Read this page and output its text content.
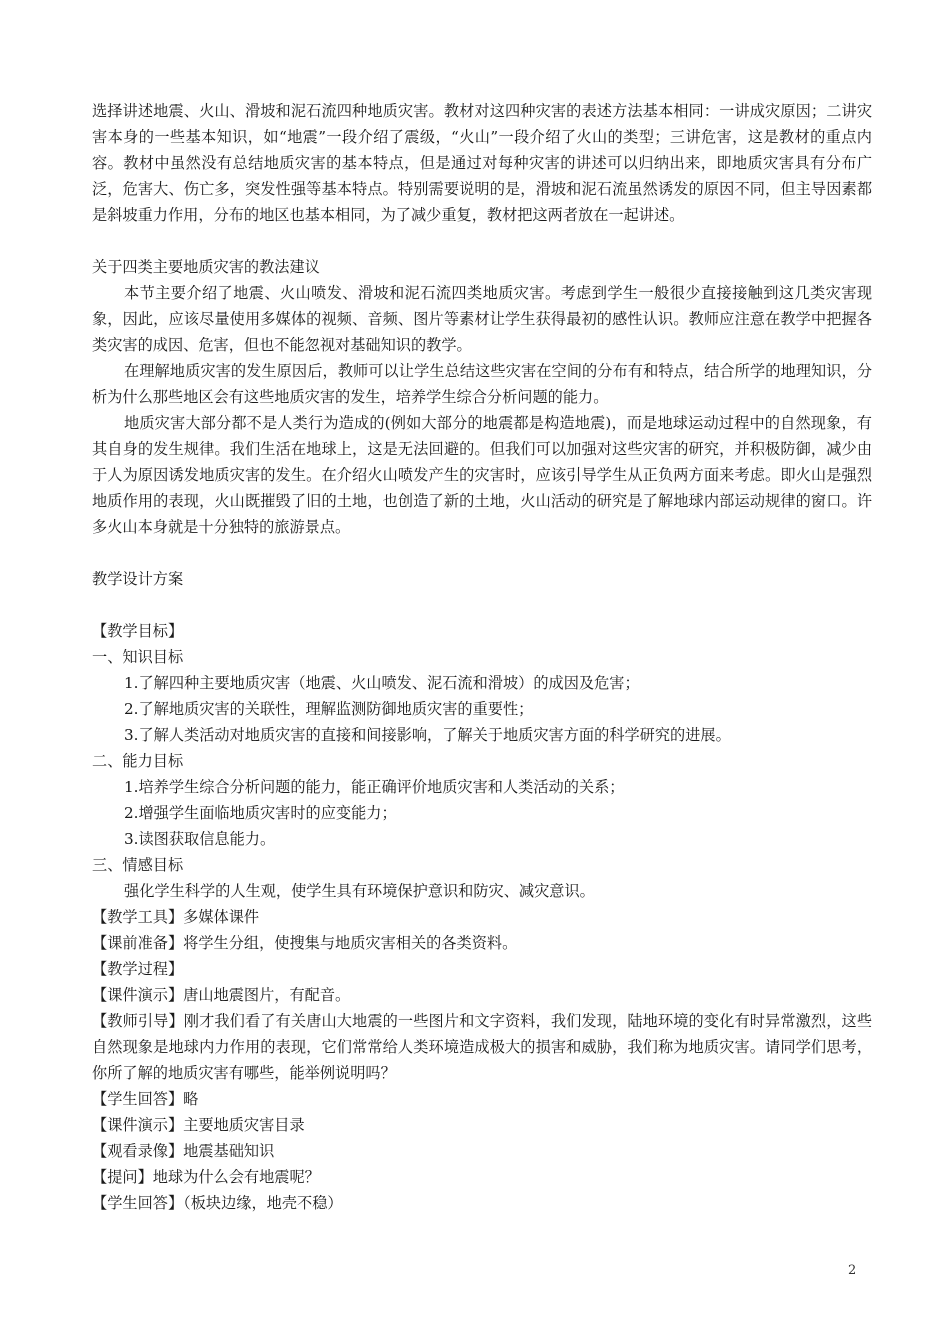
选择讲述地震、火山、滑坡和泥石流四种地质灾害。教材对这四种灾害的表述方法基本相同：一讲成灾原因；二讲灾害本身的一些基本知识，如“地震”一段介绍了震级，“火山”一段介绍了火山的类型；三讲危害，这是教材的重点内容。教材中虽然没有总结地质灾害的基本特点，但是通过对每种灾害的讲述可以归纳出来，即地质灾害具有分布广泛，危害大、伤亡多，突发性强等基本特点。特别需要说明的是，滑坡和泥石流虽然诱发的原因不同，但主导因素都是斜坡重力作用，分布的地区也基本相同，为了减少重复，教材把这两者放在一起讲述。

关于四类主要地质灾害的教法建议

本节主要介绍了地震、火山喷发、滑坡和泥石流四类地质灾害。考虑到学生一般很少直接接触到这几类灾害现象，因此，应该尽量使用多媒体的视频、音频、图片等素材让学生获得最初的感性认识。教师应注意在教学中把握各类灾害的成因、危害，但也不能忽视对基础知识的教学。

在理解地质灾害的发生原因后，教师可以让学生总结这些灾害在空间的分布有和特点，结合所学的地理知识，分析为什么那些地区会有这些地质灾害的发生，培养学生综合分析问题的能力。

地质灾害大部分都不是人类行为造成的(例如大部分的地震都是构造地震)，而是地球运动过程中的自然现象，有其自身的发生规律。我们生活在地球上，这是无法回避的。但我们可以加强对这些灾害的研究，并积极防御，减少由于人为原因诱发地质灾害的发生。在介绍火山喷发产生的灾害时，应该引导学生从正负两方面来考虑。即火山是强烈地质作用的表现，火山既摧毁了旧的土地，也创造了新的土地，火山活动的研究是了解地球内部运动规律的窗口。许多火山本身就是十分独特的旅游景点。

教学设计方案

【教学目标】

一、知识目标

1.了解四种主要地质灾害（地震、火山喷发、泥石流和滑坡）的成因及危害；

2.了解地质灾害的关联性，理解监测防御地质灾害的重要性；

3.了解人类活动对地质灾害的直接和间接影响，了解关于地质灾害方面的科学研究的进展。

二、能力目标

1.培养学生综合分析问题的能力，能正确评价地质灾害和人类活动的关系；

2.增强学生面临地质灾害时的应变能力；

3.读图获取信息能力。

三、情感目标

强化学生科学的人生观，使学生具有环境保护意识和防灾、减灾意识。

【教学工具】多媒体课件

【课前准备】将学生分组，使搜集与地质灾害相关的各类资料。

【教学过程】

【课件演示】唐山地震图片，有配音。

【教师引导】刚才我们看了有关唐山大地震的一些图片和文字资料，我们发现，陆地环境的变化有时异常激烈，这些自然现象是地球内力作用的表现，它们常常给人类环境造成极大的损害和威胁，我们称为地质灾害。请同学们思考，你所了解的地质灾害有哪些，能举例说明吗？

【学生回答】略

【课件演示】主要地质灾害目录

【观看录像】地震基础知识

【提问】地球为什么会有地震呢？

【学生回答】（板块边缘，地壳不稳）

2
